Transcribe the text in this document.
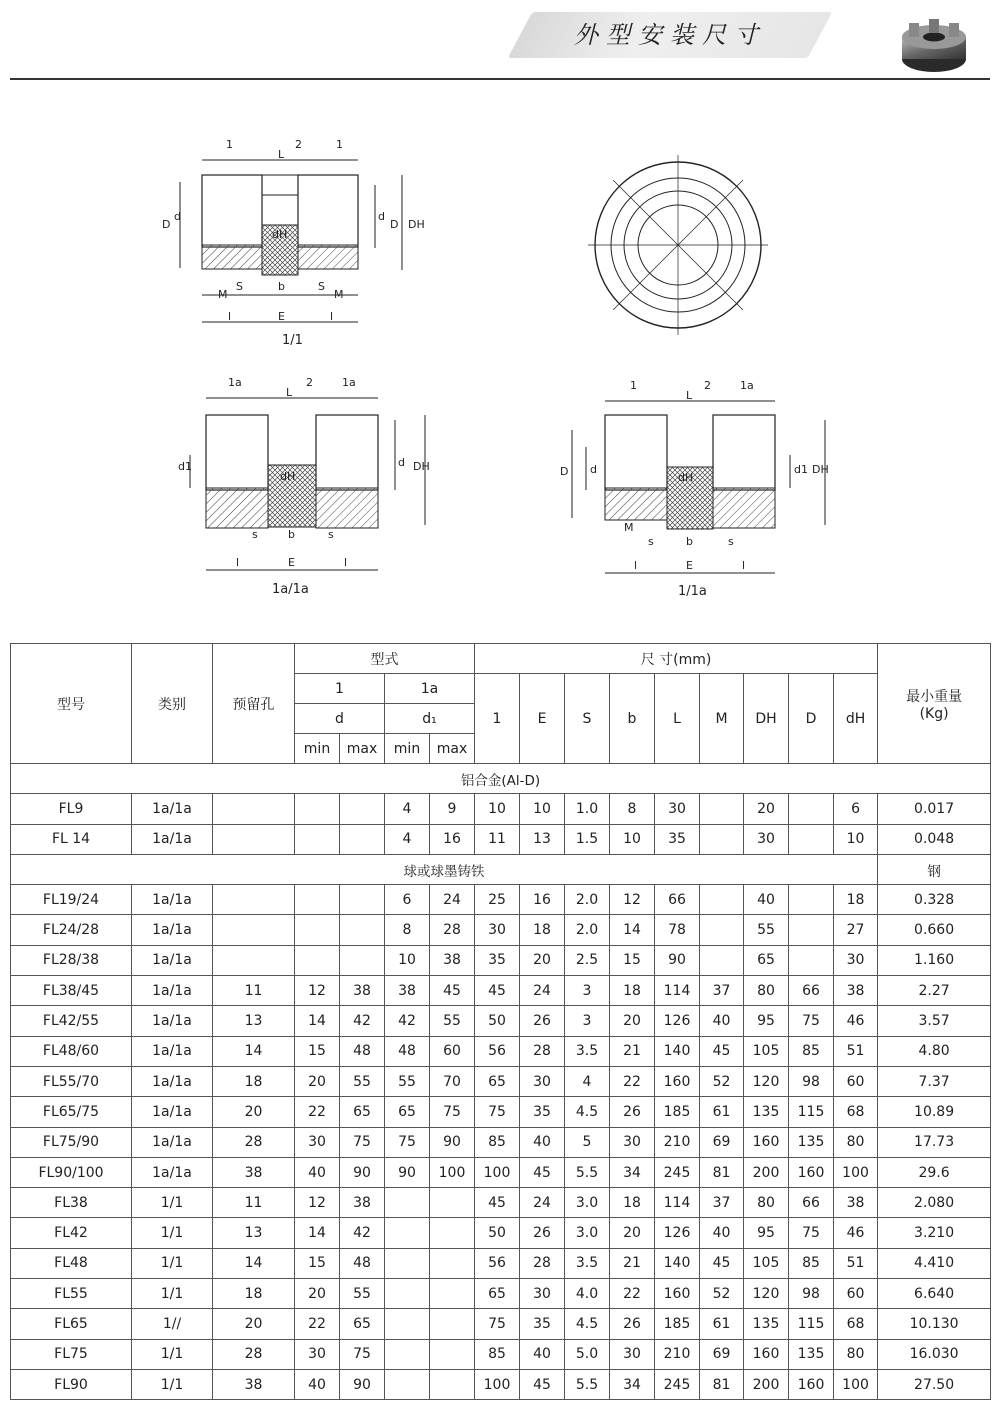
外型安装尺寸
1	2	1
L
D
d	d
D DH
dH
M
S	b	S
M
l	E	l
1/1
1a	2	1a
L
d1	d DH
dH
s	b	s
l	E	l
1a/1a
1	2	1a
L
D d	d1 DH
dH
M
s	b	s
l	E	l
1/1a
型号	类别	预留孔	型式				尺 寸(mm)									最小重量
(Kg)
			1		1a		1	E	S	b	L	M	DH	D	dH	
			d		d₁											
			min	max	min	max										
铝合金(Al-D)																
FL9	1a/1a				4	9	10	10	1.0	8	30		20		6	0.017
FL 14	1a/1a				4	16	11	13	1.5	10	35		30		10	0.048
球或球墨铸铁																钢
FL19/24	1a/1a				6	24	25	16	2.0	12	66		40		18	0.328
FL24/28	1a/1a				8	28	30	18	2.0	14	78		55		27	0.660
FL28/38	1a/1a				10	38	35	20	2.5	15	90		65		30	1.160
FL38/45	1a/1a	11	12	38	38	45	45	24	3	18	114	37	80	66	38	2.27
FL42/55	1a/1a	13	14	42	42	55	50	26	3	20	126	40	95	75	46	3.57
FL48/60	1a/1a	14	15	48	48	60	56	28	3.5	21	140	45	105	85	51	4.80
FL55/70	1a/1a	18	20	55	55	70	65	30	4	22	160	52	120	98	60	7.37
FL65/75	1a/1a	20	22	65	65	75	75	35	4.5	26	185	61	135	115	68	10.89
FL75/90	1a/1a	28	30	75	75	90	85	40	5	30	210	69	160	135	80	17.73
FL90/100	1a/1a	38	40	90	90	100	100	45	5.5	34	245	81	200	160	100	29.6
FL38	1/1	11	12	38			45	24	3.0	18	114	37	80	66	38	2.080
FL42	1/1	13	14	42			50	26	3.0	20	126	40	95	75	46	3.210
FL48	1/1	14	15	48			56	28	3.5	21	140	45	105	85	51	4.410
FL55	1/1	18	20	55			65	30	4.0	22	160	52	120	98	60	6.640
FL65	1//	20	22	65			75	35	4.5	26	185	61	135	115	68	10.130
FL75	1/1	28	30	75			85	40	5.0	30	210	69	160	135	80	16.030
FL90	1/1	38	40	90			100	45	5.5	34	245	81	200	160	100	27.50
